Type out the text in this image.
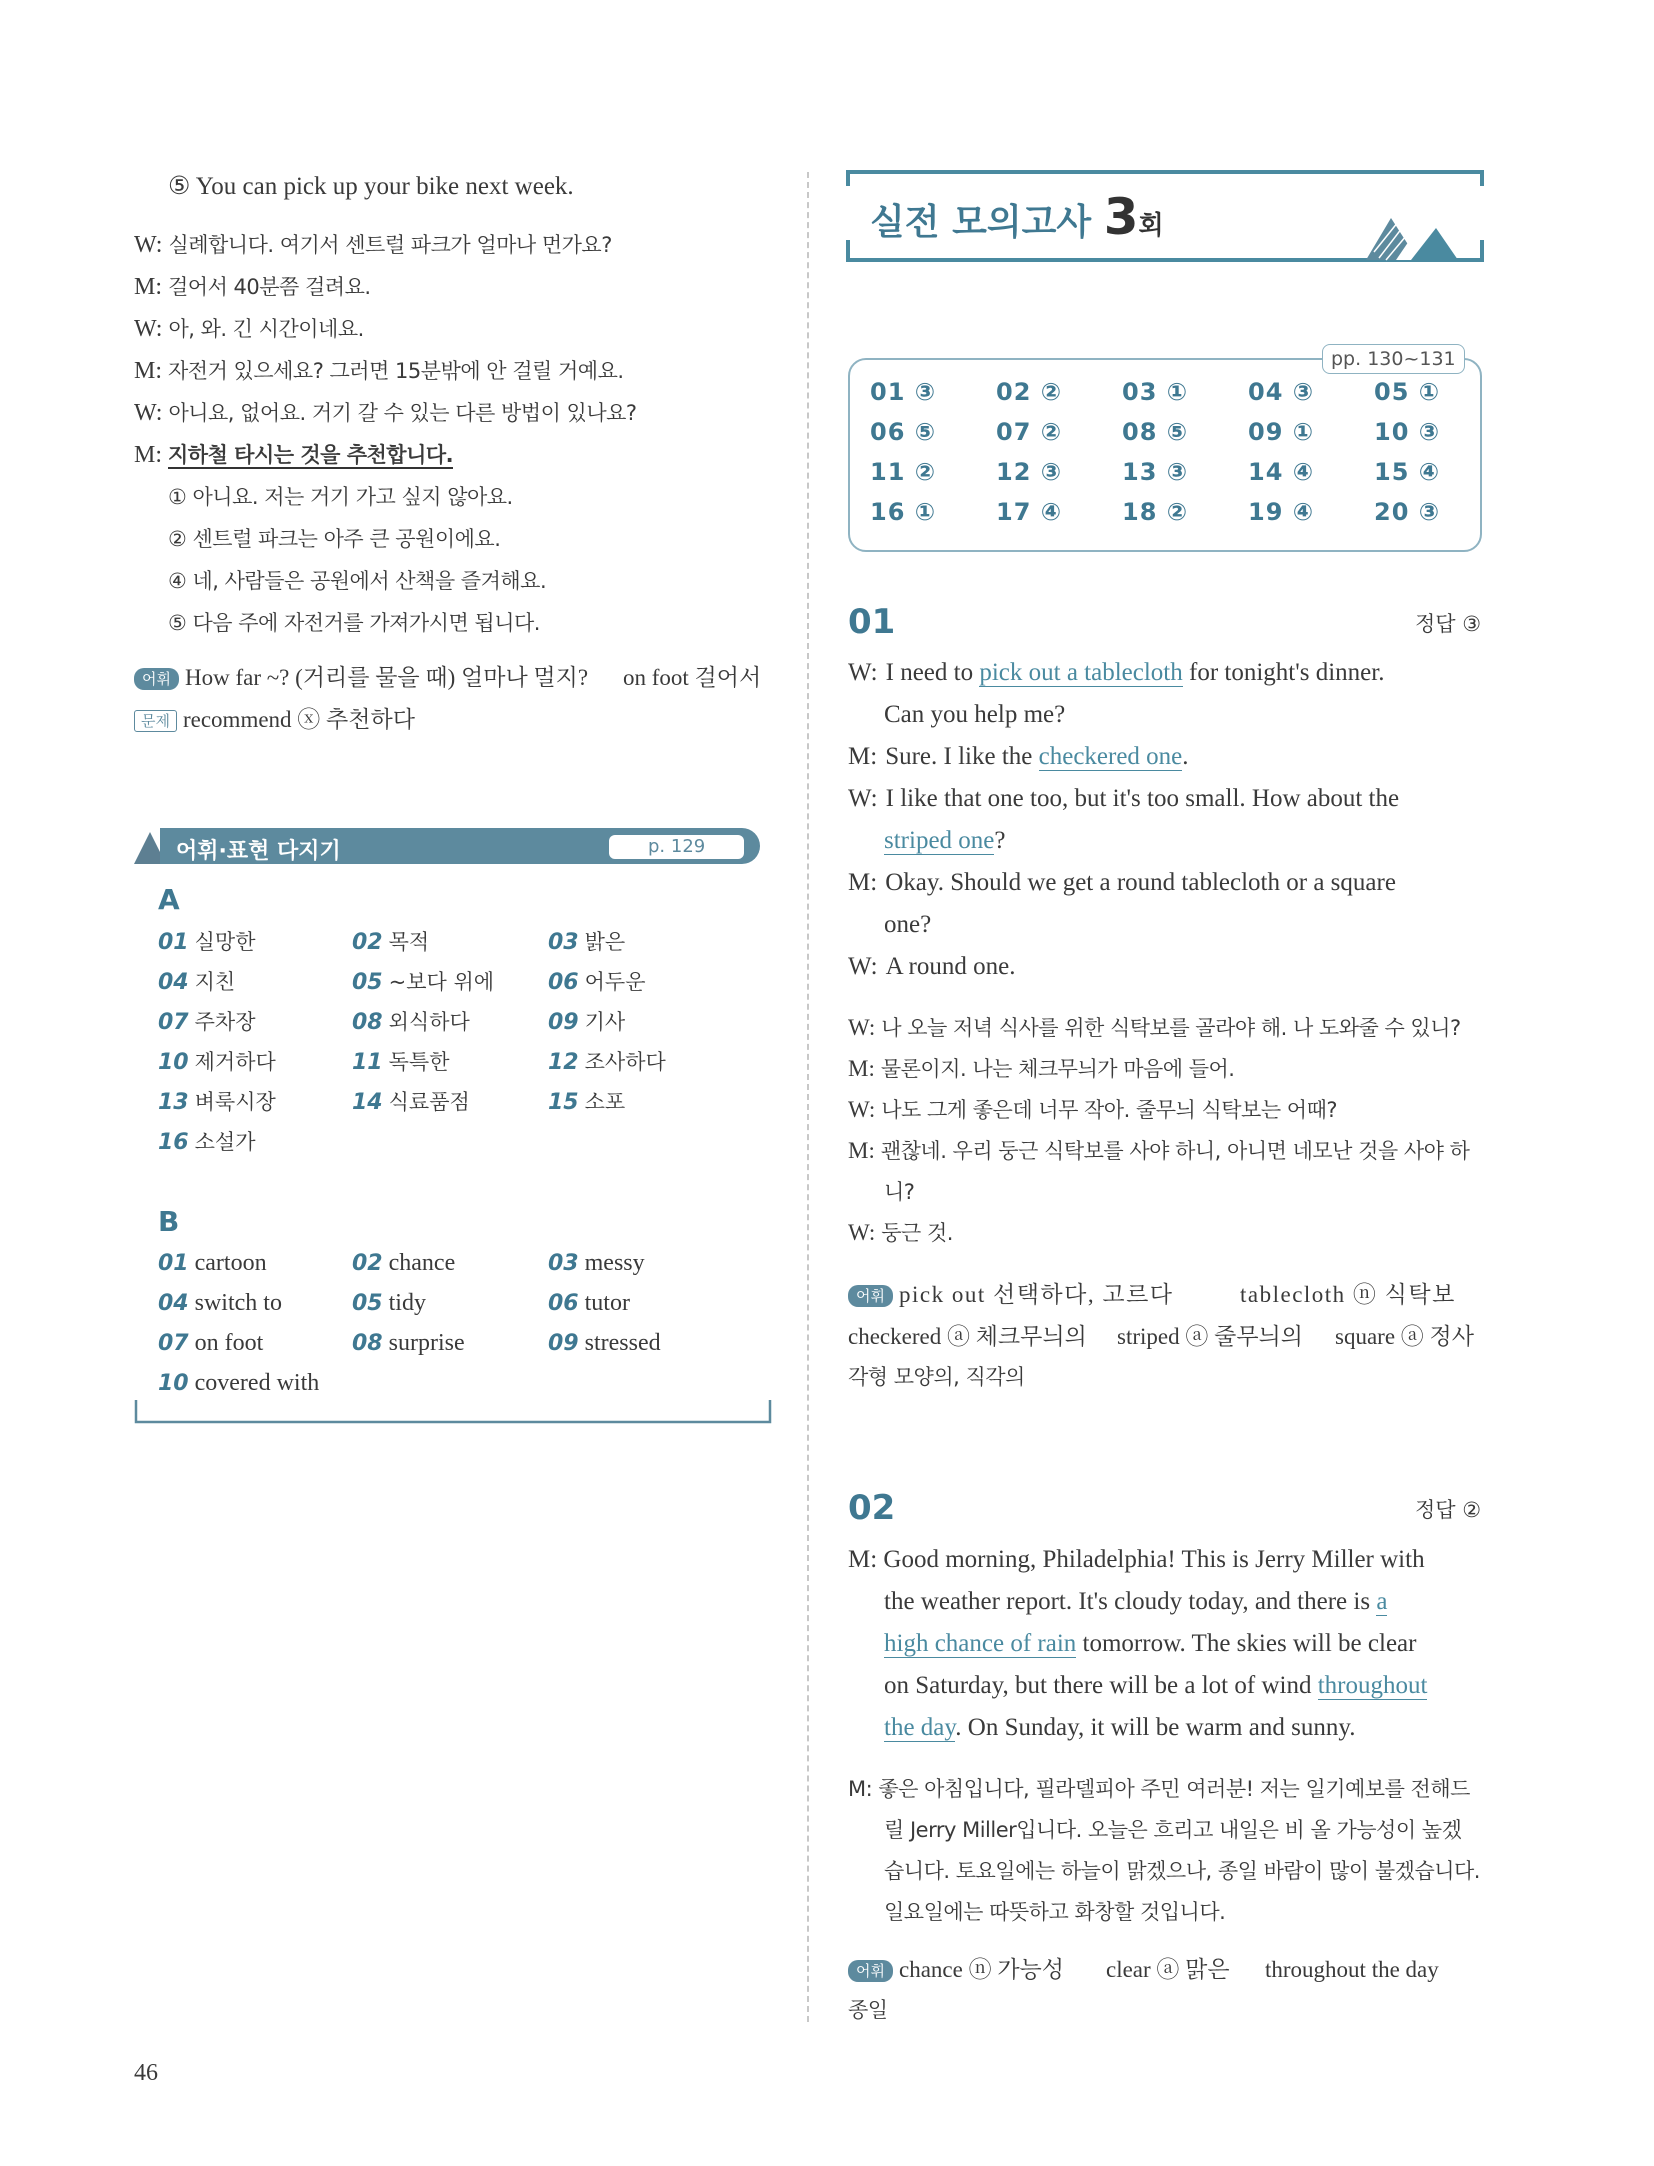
⑤ You can pick up your bike next week.
W: 실례합니다. 여기서 센트럴 파크가 얼마나 먼가요?
M: 걸어서 40분쯤 걸려요.
W: 아, 와. 긴 시간이네요.
M: 자전거 있으세요? 그러면 15분밖에 안 걸릴 거예요.
W: 아니요, 없어요. 거기 갈 수 있는 다른 방법이 있나요?
M: 지하철 타시는 것을 추천합니다.
① 아니요. 저는 거기 가고 싶지 않아요.
② 센트럴 파크는 아주 큰 공원이에요.
④ 네, 사람들은 공원에서 산책을 즐겨해요.
⑤ 다음 주에 자전거를 가져가시면 됩니다.
어휘 How far ~? (거리를 물을 때) 얼마나 멀지? on foot 걸어서
문제 recommend ⓧ 추천하다
어휘·표현 다지기	p. 129
A
01 실망한	02 목적	03 밝은
04 지친	05 ~보다 위에 06 어두운
07 주차장	08 외식하다	09 기사
10 제거하다	11 독특한	12 조사하다
13 벼룩시장	14 식료품점	15 소포
16 소설가
B
01 cartoon	02 chance	03 messy
04 switch to	05 tidy	06 tutor
07 on foot	08 surprise	09 stressed
10 covered with
46
실전 모의고사 3회
pp. 130~131
01 ③ 02 ② 03 ① 04 ③ 05 ①
06 ⑤ 07 ② 08 ⑤ 09 ① 10 ③
11 ② 12 ③ 13 ③ 14 ④ 15 ④
16 ① 17 ④ 18 ② 19 ④ 20 ③
01	정답 ③
W: I need to pick out a tablecloth for tonight's dinner.
Can you help me?
M: Sure. I like the checkered one.
W: I like that one too, but it's too small. How about the
striped one?
M: Okay. Should we get a round tablecloth or a square
one?
W: A round one.
W: 나 오늘 저녁 식사를 위한 식탁보를 골라야 해. 나 도와줄 수 있니?
M: 물론이지. 나는 체크무늬가 마음에 들어.
W: 나도 그게 좋은데 너무 작아. 줄무늬 식탁보는 어때?
M: 괜찮네. 우리 둥근 식탁보를 사야 하니, 아니면 네모난 것을 사야 하
니?
W: 둥근 것.
어휘 pick out 선택하다, 고르다	tablecloth ⓝ 식탁보
checkered ⓐ 체크무늬의 striped ⓐ 줄무늬의 square ⓐ 정사
각형 모양의, 직각의
02	정답 ②
M: Good morning, Philadelphia! This is Jerry Miller with
the weather report. It's cloudy today, and there is a
high chance of rain tomorrow. The skies will be clear
on Saturday, but there will be a lot of wind throughout
the day. On Sunday, it will be warm and sunny.
M: 좋은 아침입니다, 필라델피아 주민 여러분! 저는 일기예보를 전해드
릴 Jerry Miller입니다. 오늘은 흐리고 내일은 비 올 가능성이 높겠
습니다. 토요일에는 하늘이 맑겠으나, 종일 바람이 많이 불겠습니다.
일요일에는 따뜻하고 화창할 것입니다.
어휘 chance ⓝ 가능성 clear ⓐ 맑은 throughout the day
종일
